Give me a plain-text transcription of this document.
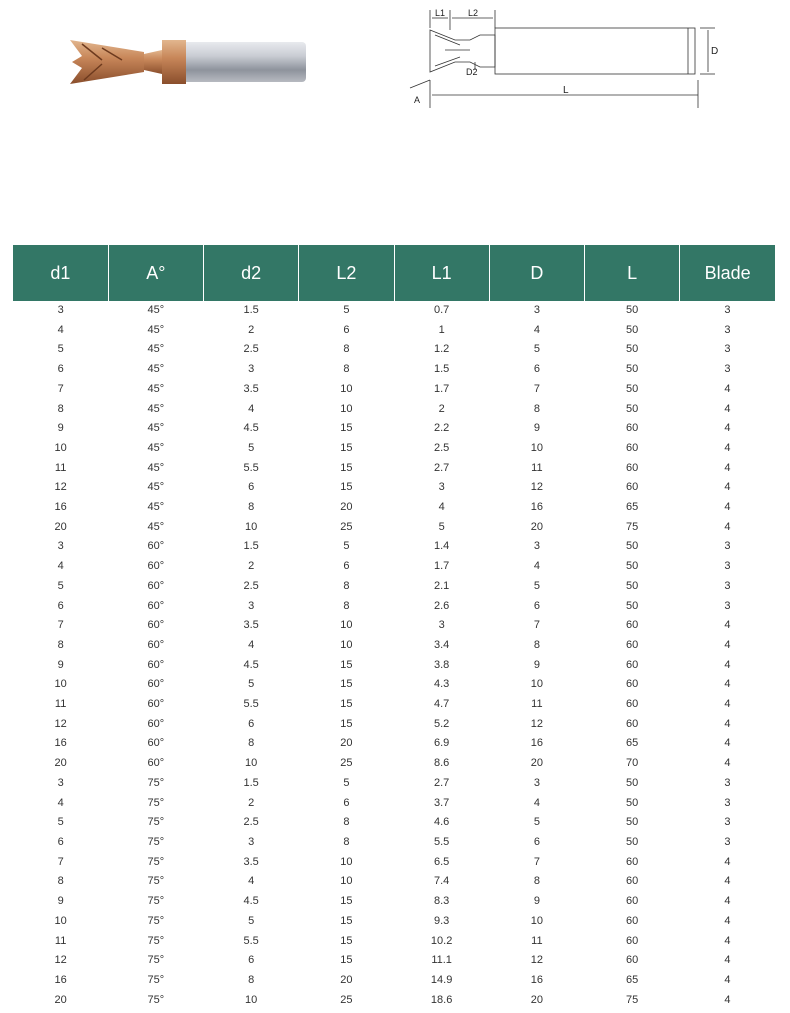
L1	L2
D
D2
A
L
d1	A°	d2	L2	L1	D	L	Blade
3	45°	1.5	5	0.7	3	50	3
4	45°	2	6	1	4	50	3
5	45°	2.5	8	1.2	5	50	3
6	45°	3	8	1.5	6	50	3
7	45°	3.5	10	1.7	7	50	4
8	45°	4	10	2	8	50	4
9	45°	4.5	15	2.2	9	60	4
10	45°	5	15	2.5	10	60	4
11	45°	5.5	15	2.7	11	60	4
12	45°	6	15	3	12	60	4
16	45°	8	20	4	16	65	4
20	45°	10	25	5	20	75	4
3	60°	1.5	5	1.4	3	50	3
4	60°	2	6	1.7	4	50	3
5	60°	2.5	8	2.1	5	50	3
6	60°	3	8	2.6	6	50	3
7	60°	3.5	10	3	7	60	4
8	60°	4	10	3.4	8	60	4
9	60°	4.5	15	3.8	9	60	4
10	60°	5	15	4.3	10	60	4
11	60°	5.5	15	4.7	11	60	4
12	60°	6	15	5.2	12	60	4
16	60°	8	20	6.9	16	65	4
20	60°	10	25	8.6	20	70	4
3	75°	1.5	5	2.7	3	50	3
4	75°	2	6	3.7	4	50	3
5	75°	2.5	8	4.6	5	50	3
6	75°	3	8	5.5	6	50	3
7	75°	3.5	10	6.5	7	60	4
8	75°	4	10	7.4	8	60	4
9	75°	4.5	15	8.3	9	60	4
10	75°	5	15	9.3	10	60	4
11	75°	5.5	15	10.2	11	60	4
12	75°	6	15	11.1	12	60	4
16	75°	8	20	14.9	16	65	4
20	75°	10	25	18.6	20	75	4
